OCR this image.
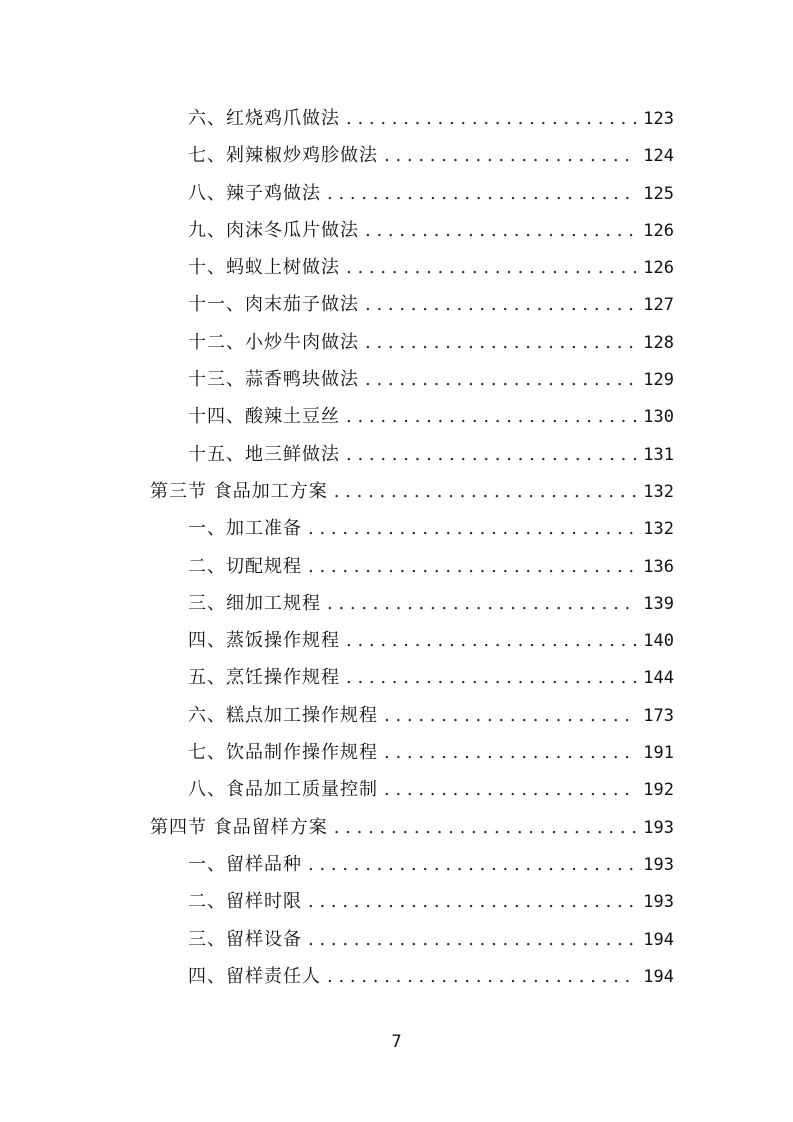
六、红烧鸡爪做法 . . .	123
七、剁辣椒炒鸡胗做法 . . .	124
八、辣子鸡做法 . . .	125
九、肉沫冬瓜片做法 . . .	126
十、蚂蚁上树做法 . . .	126
十一、肉末茄子做法 . . .	127
十二、小炒牛肉做法 . . .	128
十三、蒜香鸭块做法 . . .	129
十四、酸辣土豆丝 . . .	130
十五、地三鲜做法 . . .	131
第三节 食品加工方案 . . .	132
一、加工准备 . . .	132
二、切配规程 . . .	136
三、细加工规程 . . .	139
四、蒸饭操作规程 . . .	140
五、烹饪操作规程 . . .	144
六、糕点加工操作规程 . . .	173
七、饮品制作操作规程 . . .	191
八、食品加工质量控制 . . .	192
第四节 食品留样方案 . . .	193
一、留样品种 . . .	193
二、留样时限 . . .	193
三、留样设备 . . .	194
四、留样责任人 . . .	194
7
